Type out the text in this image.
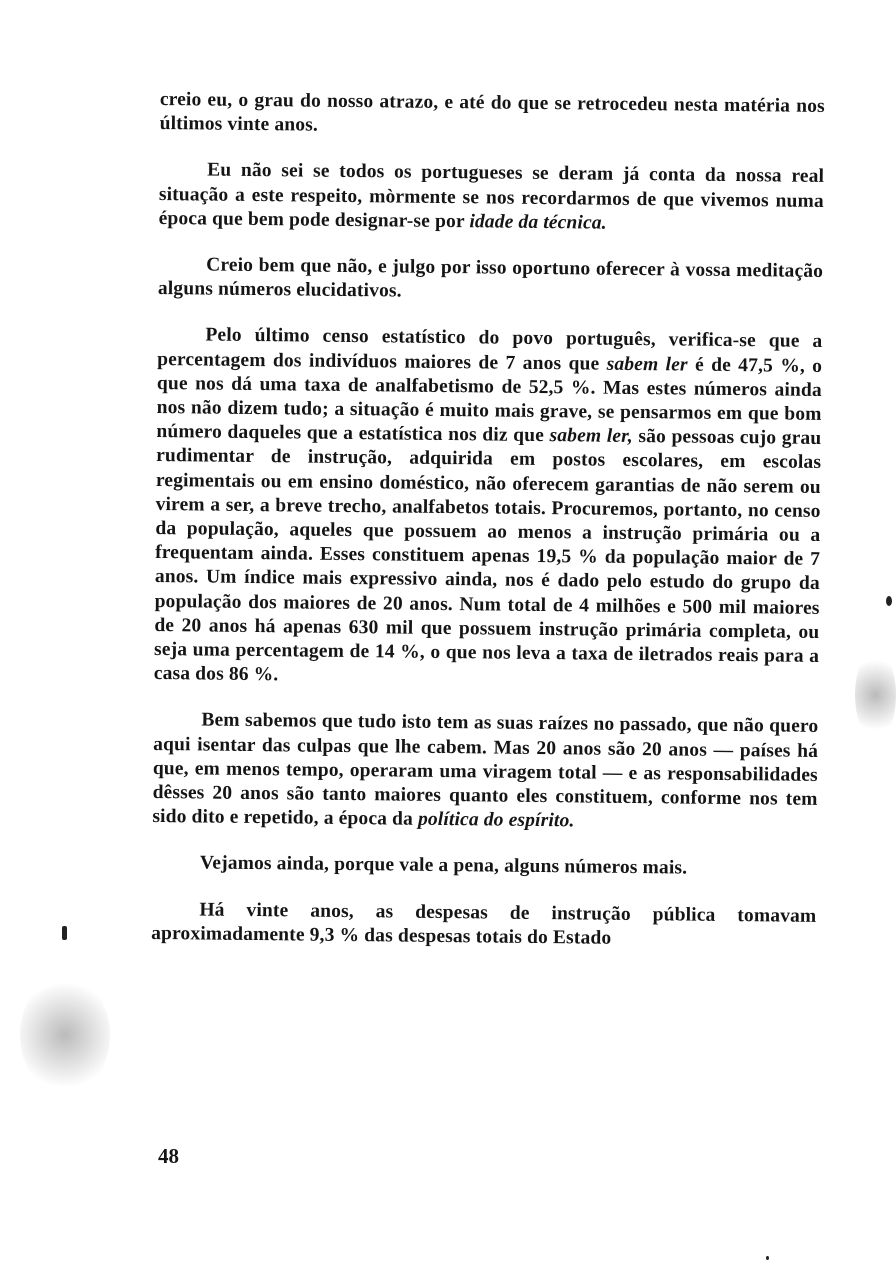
creio eu, o grau do nosso atrazo, e até do que se retrocedeu nesta matéria nos últimos vinte anos.

Eu não sei se todos os portugueses se deram já conta da nossa real situação a este respeito, mòrmente se nos recordarmos de que vivemos numa época que bem pode designar-se por idade da técnica.

Creio bem que não, e julgo por isso oportuno oferecer à vossa meditação alguns números elucidativos.

Pelo último censo estatístico do povo português, verifica-se que a percentagem dos indivíduos maiores de 7 anos que sabem ler é de 47,5 %, o que nos dá uma taxa de analfabetismo de 52,5 %. Mas estes números ainda nos não dizem tudo; a situação é muito mais grave, se pensarmos em que bom número daqueles que a estatística nos diz que sabem ler, são pessoas cujo grau rudimentar de instrução, adquirida em postos escolares, em escolas regimentais ou em ensino doméstico, não oferecem garantias de não serem ou virem a ser, a breve trecho, analfabetos totais. Procuremos, portanto, no censo da população, aqueles que possuem ao menos a instrução primária ou a frequentam ainda. Esses constituem apenas 19,5 % da população maior de 7 anos. Um índice mais expressivo ainda, nos é dado pelo estudo do grupo da população dos maiores de 20 anos. Num total de 4 milhões e 500 mil maiores de 20 anos há apenas 630 mil que possuem instrução primária completa, ou seja uma percentagem de 14 %, o que nos leva a taxa de iletrados reais para a casa dos 86 %.

Bem sabemos que tudo isto tem as suas raízes no passado, que não quero aqui isentar das culpas que lhe cabem. Mas 20 anos são 20 anos — países há que, em menos tempo, operaram uma viragem total — e as responsabilidades dêsses 20 anos são tanto maiores quanto eles constituem, conforme nos tem sido dito e repetido, a época da política do espírito.

Vejamos ainda, porque vale a pena, alguns números mais.

Há vinte anos, as despesas de instrução pública tomavam aproximadamente 9,3 % das despesas totais do Estado

48
